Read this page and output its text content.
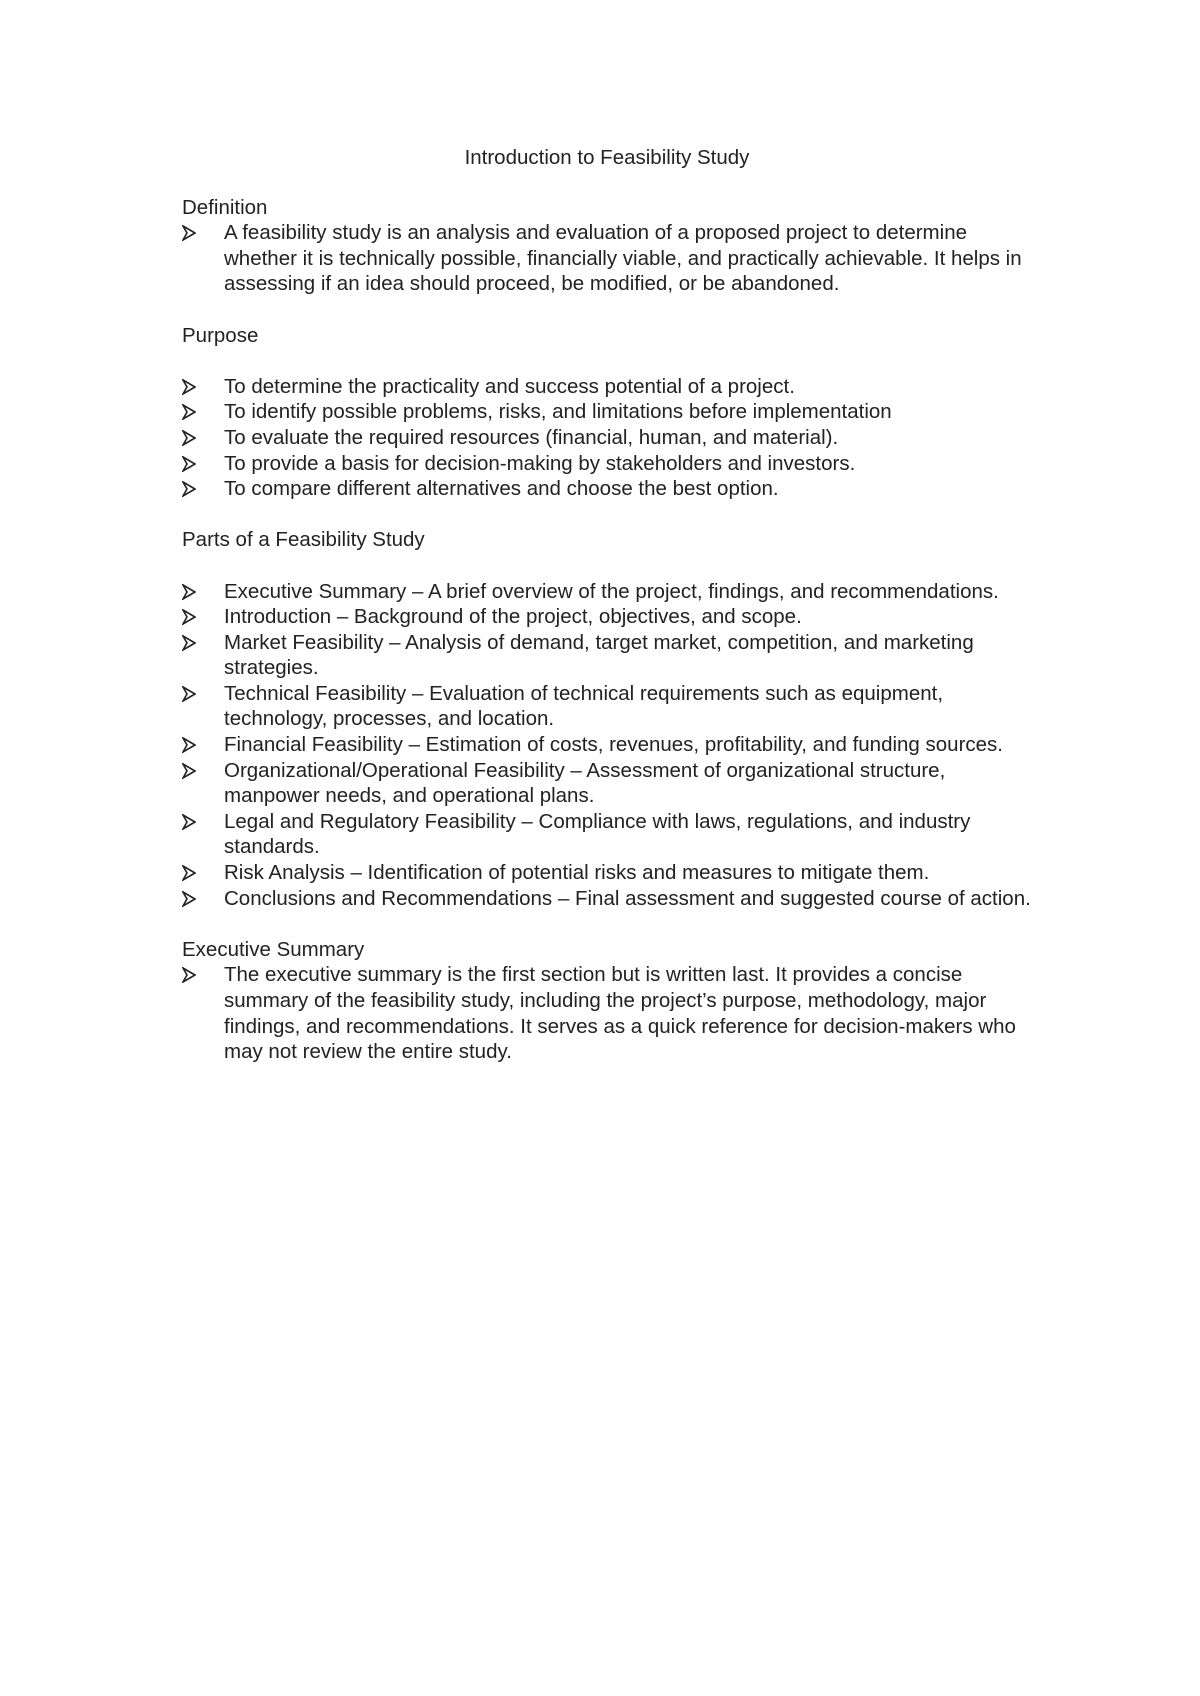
Introduction to Feasibility Study
Definition
A feasibility study is an analysis and evaluation of a proposed project to determine whether it is technically possible, financially viable, and practically achievable. It helps in assessing if an idea should proceed, be modified, or be abandoned.
Purpose
To determine the practicality and success potential of a project.
To identify possible problems, risks, and limitations before implementation
To evaluate the required resources (financial, human, and material).
To provide a basis for decision-making by stakeholders and investors.
To compare different alternatives and choose the best option.
Parts of a Feasibility Study
Executive Summary – A brief overview of the project, findings, and recommendations.
Introduction – Background of the project, objectives, and scope.
Market Feasibility – Analysis of demand, target market, competition, and marketing strategies.
Technical Feasibility – Evaluation of technical requirements such as equipment, technology, processes, and location.
Financial Feasibility – Estimation of costs, revenues, profitability, and funding sources.
Organizational/Operational Feasibility – Assessment of organizational structure, manpower needs, and operational plans.
Legal and Regulatory Feasibility – Compliance with laws, regulations, and industry standards.
Risk Analysis – Identification of potential risks and measures to mitigate them.
Conclusions and Recommendations – Final assessment and suggested course of action.
Executive Summary
The executive summary is the first section but is written last. It provides a concise summary of the feasibility study, including the project’s purpose, methodology, major findings, and recommendations. It serves as a quick reference for decision-makers who may not review the entire study.
